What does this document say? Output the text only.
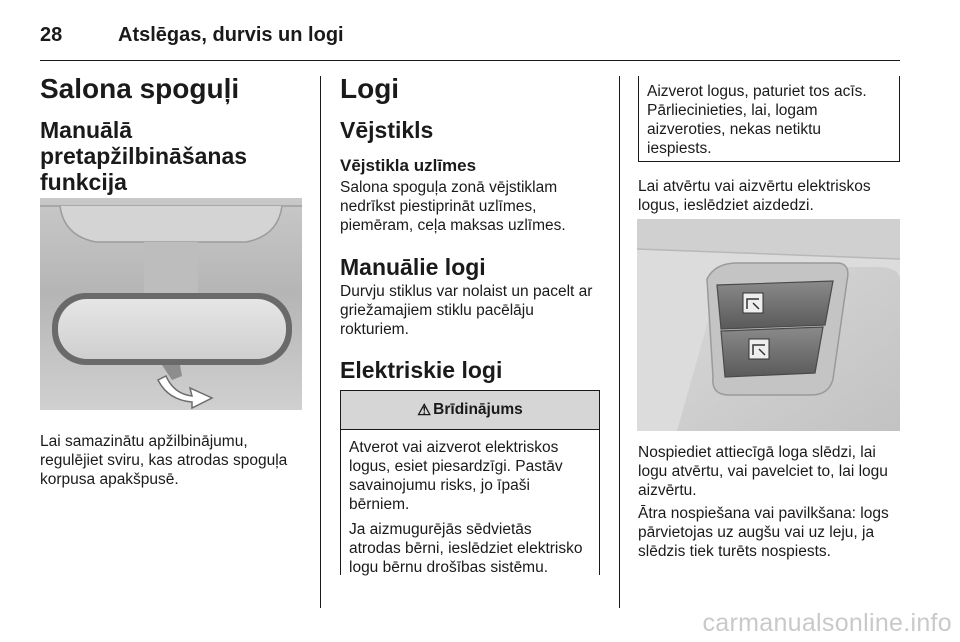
28	Atslēgas, durvis un logi
Salona spoguļi
Manuālā
pretapžilbināšanas
funkcija
Lai samazinātu apžilbinājumu,
regulējiet sviru, kas atrodas spoguļa
korpusa apakšpusē.
Logi
Vējstikls
Vējstikla uzlīmes
Salona spoguļa zonā vējstiklam
nedrīkst piestiprināt uzlīmes,
piemēram, ceļa maksas uzlīmes.
Manuālie logi
Durvju stiklus var nolaist un pacelt ar
griežamajiem stiklu pacēlāju
rokturiem.
Elektriskie logi
⚠ Brīdinājums

Atverot vai aizverot elektriskos
logus, esiet piesardzīgi. Pastāv
savainojumu risks, jo īpaši
bērniem.

Ja aizmugurējās sēdvietās
atrodas bērni, ieslēdziet elektrisko
logu bērnu drošības sistēmu.

Aizverot logus, paturiet tos acīs.
Pārliecinieties, lai, logam
aizveroties, nekas netiktu
iespiests.
Lai atvērtu vai aizvērtu elektriskos
logus, ieslēdziet aizdedzi.
Nospiediet attiecīgā loga slēdzi, lai
logu atvērtu, vai pavelciet to, lai logu
aizvērtu.
Ātra nospiešana vai pavilkšana: logs
pārvietojas uz augšu vai uz leju, ja
slēdzis tiek turēts nospiests.
carmanualsonline.info
